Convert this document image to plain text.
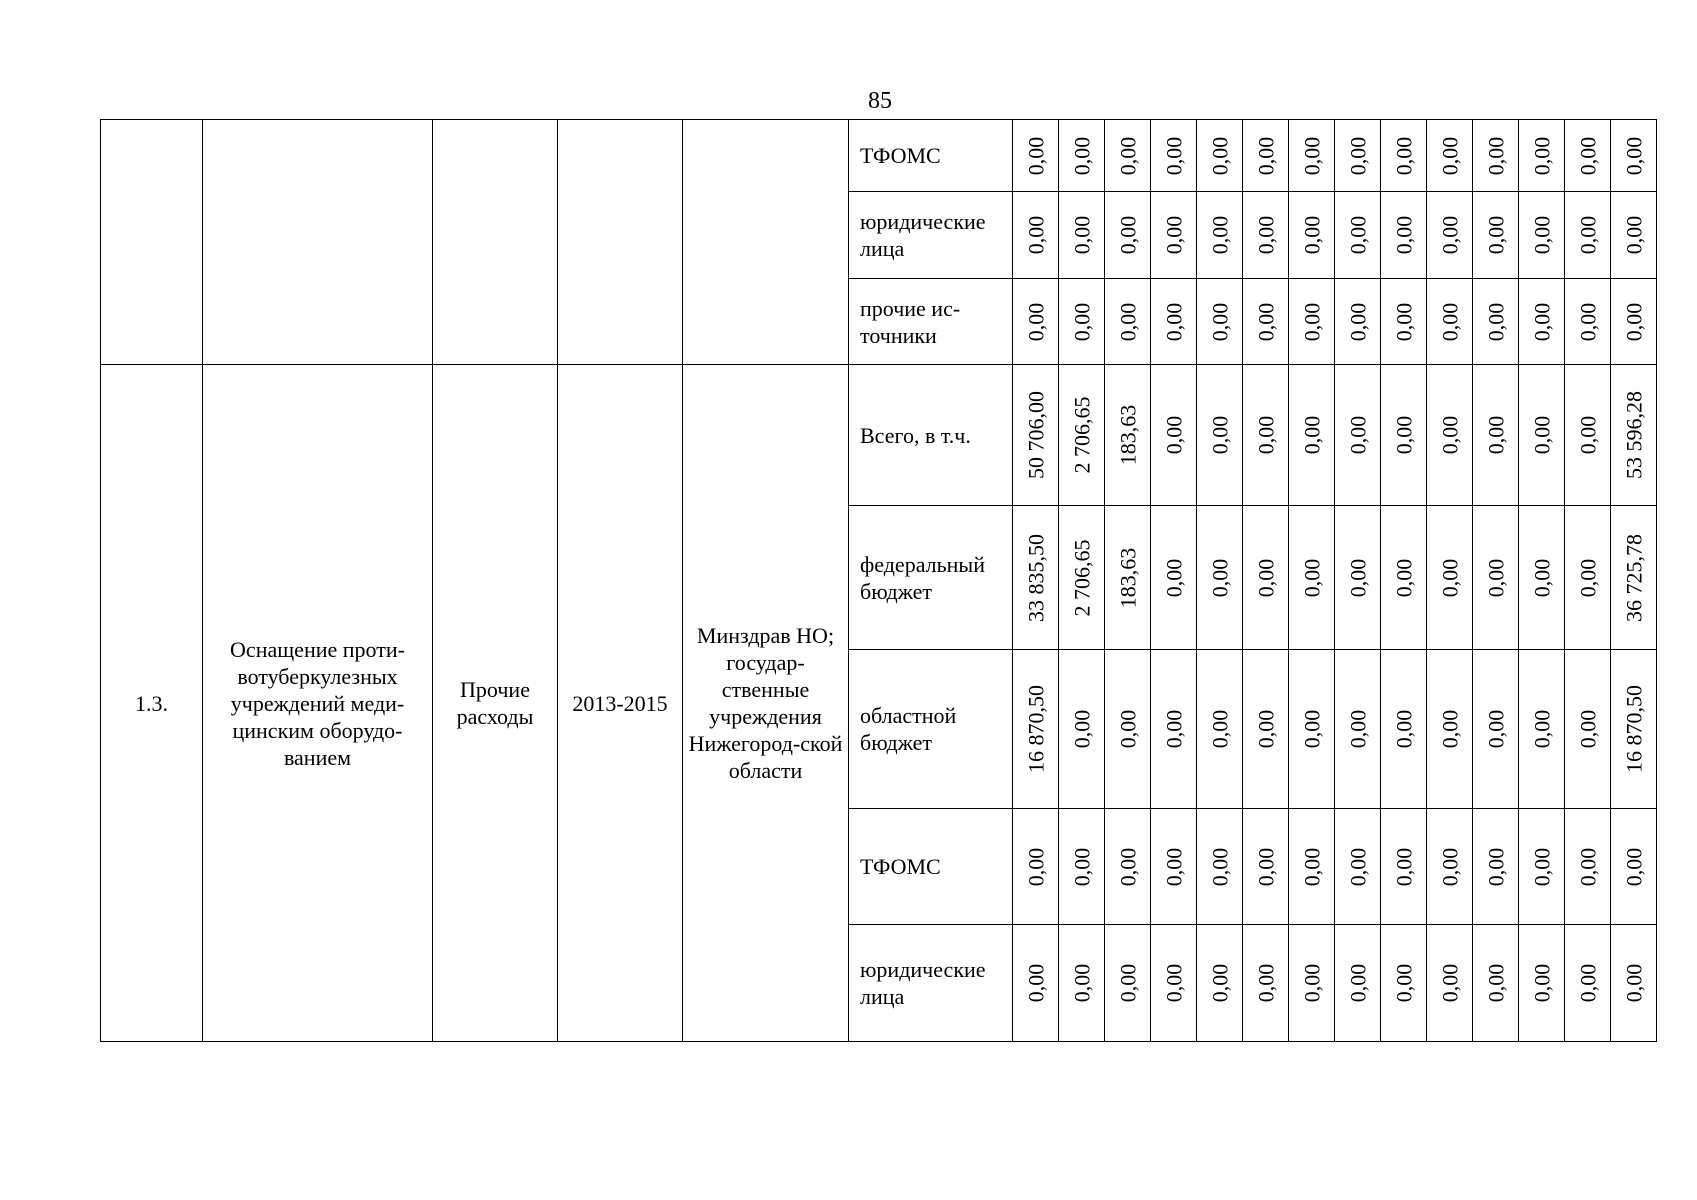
85
					ТФОМС	0,00	0,00	0,00	0,00	0,00	0,00	0,00	0,00	0,00	0,00	0,00	0,00	0,00	0,00

					юридические лица	0,00	0,00	0,00	0,00	0,00	0,00	0,00	0,00	0,00	0,00	0,00	0,00	0,00	0,00

					прочие ис-точники	0,00	0,00	0,00	0,00	0,00	0,00	0,00	0,00	0,00	0,00	0,00	0,00	0,00	0,00

1.3.	Оснащение проти-вотуберкулезных учреждений меди-цинским оборудо-ванием	Прочие расходы	2013-2015	Минздрав НО; государ-ственные учреждения Нижегород-ской области	Всего, в т.ч.	50 706,00	2 706,65	183,63	0,00	0,00	0,00	0,00	0,00	0,00	0,00	0,00	0,00	0,00	53 596,28

					федеральный бюджет	33 835,50	2 706,65	183,63	0,00	0,00	0,00	0,00	0,00	0,00	0,00	0,00	0,00	0,00	36 725,78

					областной бюджет	16 870,50	0,00	0,00	0,00	0,00	0,00	0,00	0,00	0,00	0,00	0,00	0,00	0,00	16 870,50

					ТФОМС	0,00	0,00	0,00	0,00	0,00	0,00	0,00	0,00	0,00	0,00	0,00	0,00	0,00	0,00

					юридические лица	0,00	0,00	0,00	0,00	0,00	0,00	0,00	0,00	0,00	0,00	0,00	0,00	0,00	0,00
